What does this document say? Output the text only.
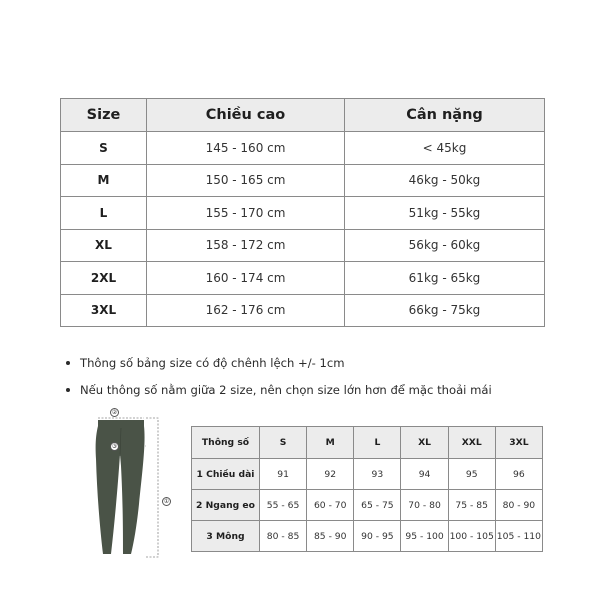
Size	Chiều cao	Cân nặng
S	145 - 160 cm	< 45kg
M	150 - 165 cm	46kg - 50kg
L	155 - 170 cm	51kg - 55kg
XL	158 - 172 cm	56kg - 60kg
2XL	160 - 174 cm	61kg - 65kg
3XL	162 - 176 cm	66kg - 75kg
Thông số bảng size có độ chênh lệch +/- 1cm
Nếu thông số nằm giữa 2 size, nên chọn size lớn hơn để mặc thoải mái
②
③
①
Thông số	S	M	L	XL	XXL	3XL
1 Chiều dài	91	92	93	94	95	96
2 Ngang eo	55 - 65	60 - 70	65 - 75	70 - 80	75 - 85	80 - 90
3 Mông	80 - 85	85 - 90	90 - 95	95 - 100	100 - 105	105 - 110
